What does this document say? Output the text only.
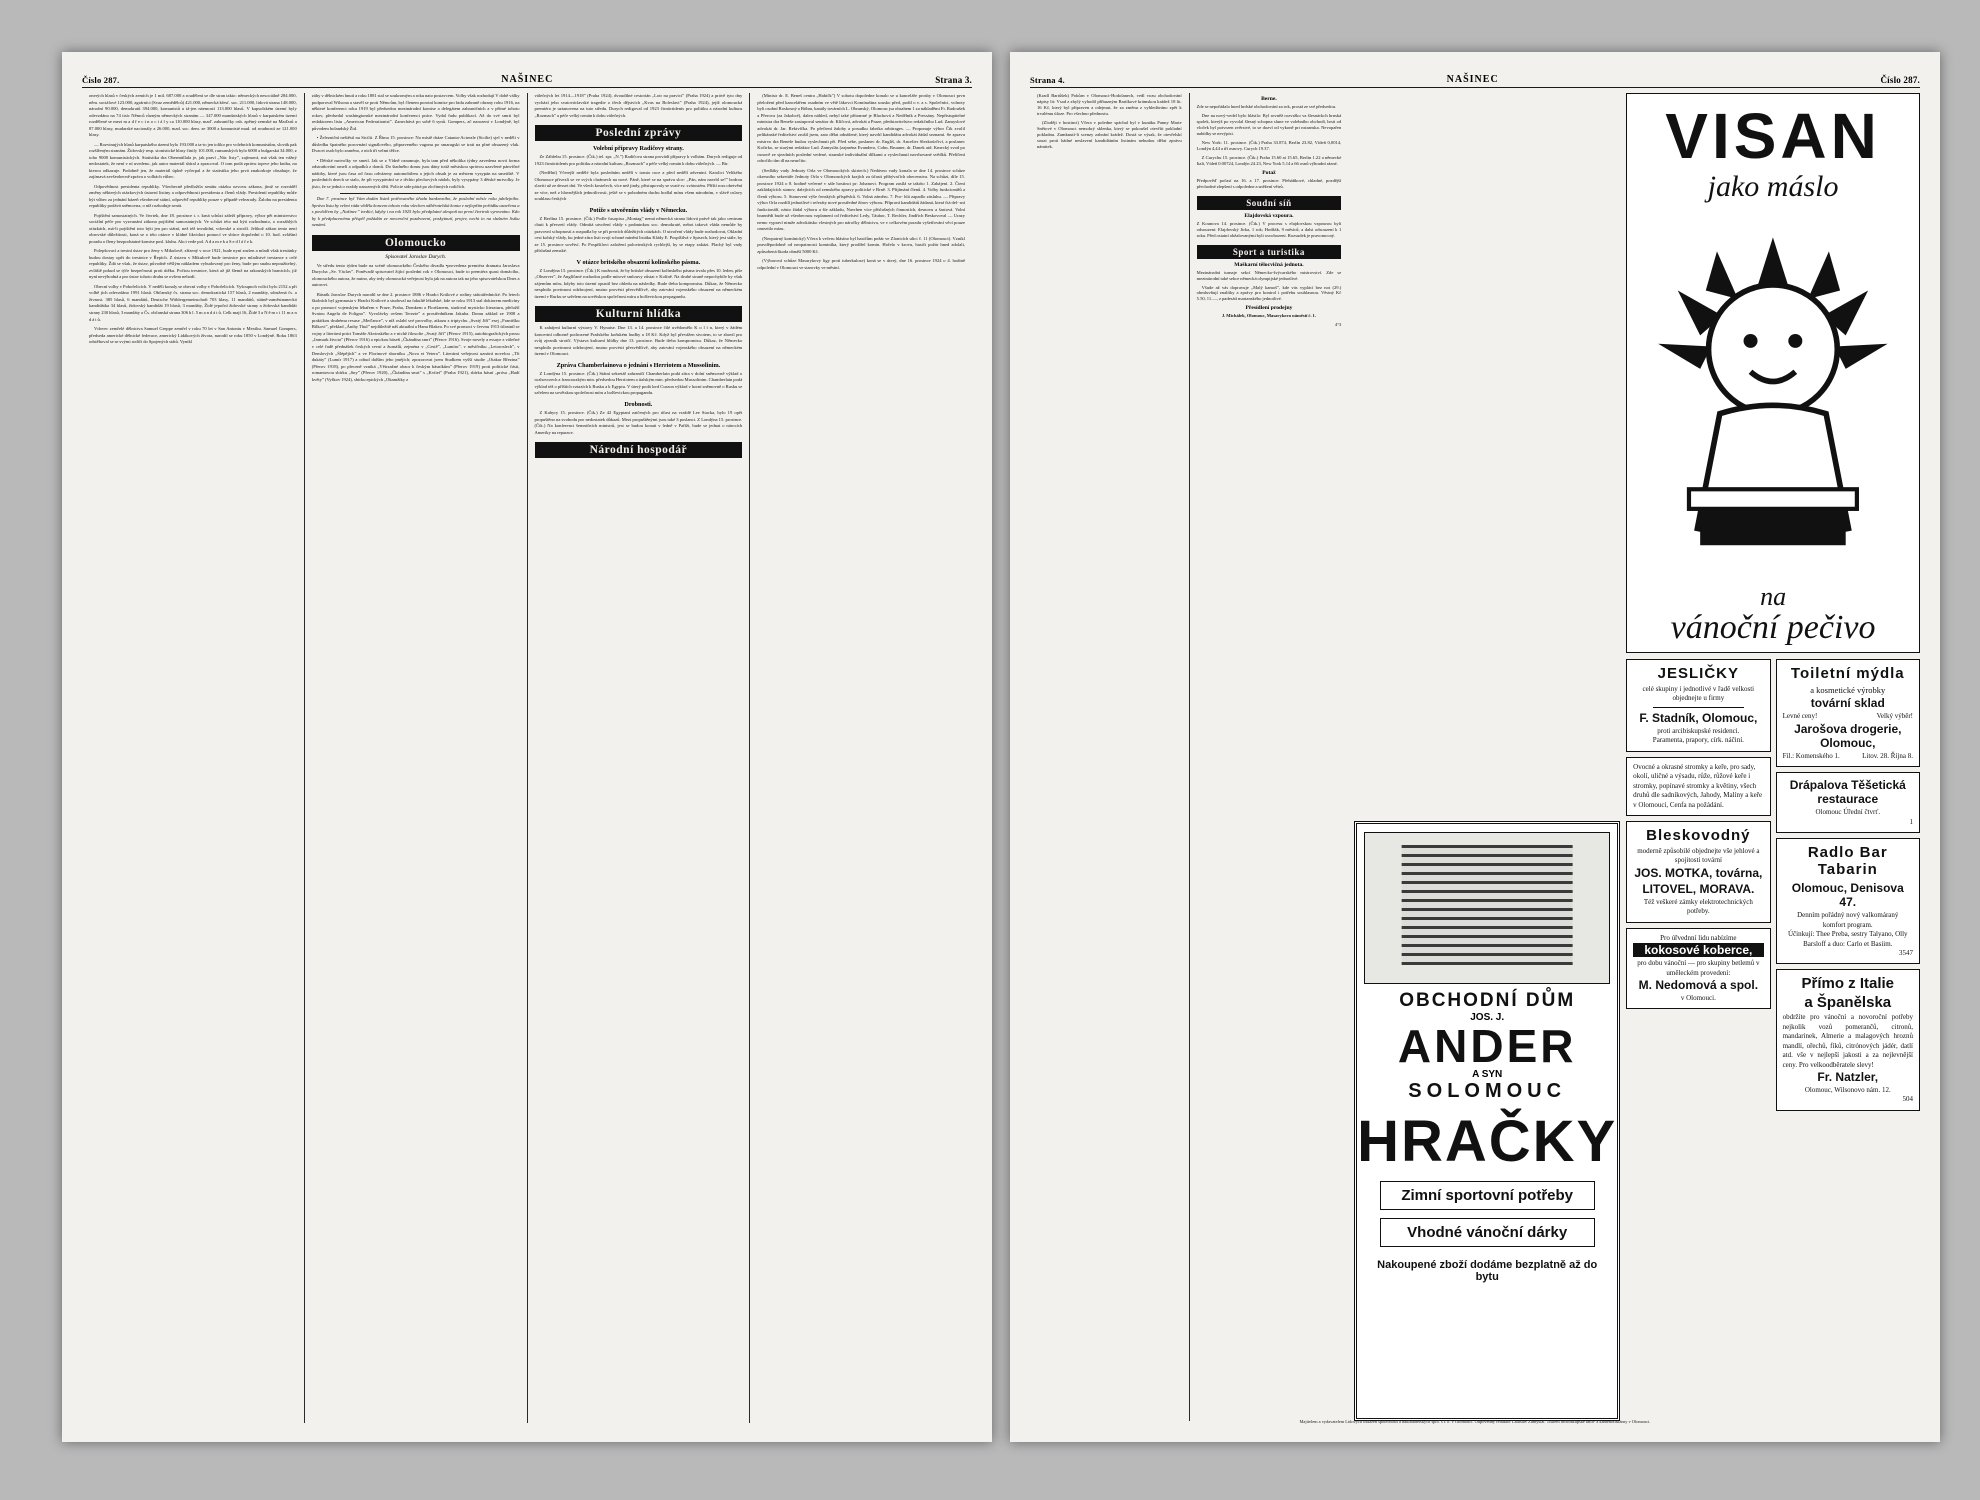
Číslo 287.	NAŠINEC	Strana 3.

onerých hlasů v českých zemích je 1 mil. 687.000 a roudělení se dle stran takto: německých nesociálně 284.000, něm. sociálové 123.000, agrárníci (Svaz zemědělců) 421.000, německá křesť. soc. 211.000, lidová strana 148.000, národní 90.000, demokratů 394.000, komunistů a tá-jen náemostí 113.000 hlasů. V kapsolském území byly odevzdáno na 74 tisíc Němců různým německých stranám — 347.000 mandatských hlasů v karpatském území rozdělené se mezi m a d ř e c t n o c i á l y ca 110.000 hlasy, mad'. zahraničky osb. zpětný zemské na Maďarů a 87.000 hlasy, mudarské nacionály a 26.000, mad. soc. dem. ze 3000 a komunisté mad. od roudností ze 121.000 hlasy.

— Rozvinujých hlasů karpatského území bylo 193.000 a ta-to jen toliko pro volebních komunistům, slovák pak rozšířeným stranám. Židovský resp. sionistické hlasy činily 101.000, rumunských bylo 6000 a bulgarská 34.000, z toho 9000 komunistických. Statistika dra Obermüllala je, jak praví „Nár. listy”, zajímavá, má však ten vážný nedostatek, že není v ní uvedeno, jak autor materiál sbíral a zpracoval. O tom podá zprávu toprve jeho kniha, na kterou odkazuje. Podobně jen, že materiál úplně vyčerpal a že statistika jeho prvá znakorkoje obsahuje, že zajímavá zevšeobecně zpráva o volbách vůbec.

Odpovědnost presidenta republiky. Všeobecně předložila senátu otázku ozvovu zákona, jímž se rozváděl změny některých otázkových ústavní listiny a odpovědnosti presidenta a členů vlády. Presidentí republiky může být vůbec za jednání bázeň všeobecné státní, odpověď republiky pouze v případě velezrady. Žalobu na presidenta republiky podává sněmovna, o níž rozhoduje senát.

Pojištění samostatných. Ve čtvrtek, dne 18. prosince t. r. krná schůzi záleží přípravy, výbor pět ministerstvo sociální péče pro vyzvanání zákona pojištění samostatných. Ve schůzi této má býti rozhodnuto, o rozsáhlých otázkách, má-li pojištění toto býti jen pro státní, než též invalidní, vdovské a sirotčí. Jelikož zákon tento není obrovské důležitosti, koná se o této otázce v klidné likvidaci pomocí ve sbírce dopolední o 10. hod. zvláštní poradu a členy bezpodstatné komise posl. klubu. Akci vede pol. A d a m e k a S e d l á č e k.

Polepšovací a trestní ústav pro ženy v Mikulově, zřízený v roce 1921, bude nyní zrušen a mladí však trestánky budou dostay opět do trestnice v Řepích. Z ústavu v Mikulově bude trestnice pro mladistvé trestance z celé republiky. Ždá se však, že ústav, původně věšlým nákladem vybudovaný pro ženy, bude pro snahu nepoužitelný, zvláště pokud se týče bezpečnosti proti útěku. Počtou trestnice, která až jíž šlemž na rakouských hranicích, již nyní nevýhodná a pro ústav tohoto druhu se ovšem nehodí.

Obecní volby v Pohořelicích. V neděli konaly se obecní volby v Pohořelicích. Vyšoupnch volící bylo 2152 a při volbě jich odevzdáno 1991 hlasů. Občanský čs. strana soc. demokratická 157 hlasů, 2 mandáty, sdružená čs. a živnost. 385 hlasů, 6 mandátů, Deutsche Wählergemeinschaft 703 hlasy, 11 mandátů, státně-zaměstnanecká kandidátka 34 hlasů, židovský kandidát 19 hlasů, 3 mandáty, Židé jepoční židovské strany a židovská kandidát strany 230 hlasů, 3 mandáty a Čs. občanská strana 306 h l. 5 m a n d á t ů. Celk mají 16, Židé 3 a N ě m c i 11 m a n d á t ů.

Vdovec zemřelé dělnictva Samuel Greppe zemřel v roku 70 let v San Antoniu v Mexiku. Samuel Gompers, předseda americké dělnické federace, americký Lidákových žívota, narodil se roku 1850 v Londýně. Roku 1863 odstěhoval se se svými rodiči do Spojených států. Vynikl

záhy v dělnickém hnutí a roku 1881 stal se soukromým a roku nato postavcem. Volby však rozhodují V době války podporoval Wilsona a stavěl se proti Němcům, byl členem porotní komise pro řadu zahraně obrany rohu 1916, na některé konferenci roku 1919 byl předsedou mezinárodní komise a delegátem zahraničních a v přímé tohoto rokov, předsedal washingtonské mezinárodní konferenci práce. Vydal řadu publikací. Až do své smrti byl redaktorem listu „American Federationist”. Zanechává po sobě 6 synů. Gompers, ač narozeni v Londýně, byl původem holandský Žid.

• Železniční neštěstí na Sicilii. Z Říma 15. prosince: Na místě dráze Catania-Acireale (Sicilie) sjel v neděli v důsledku špatného porovnání signálového, připraveného vagonu po smaragski se trati na plné obsazený vlak. Dvacet osob bylo zraněno, z nich tři velmi těžce.

• Dětské mrtvolky ve smetí. Jak se z Vídně oznamuje, byla tam před několika týdny zavedena nová forma odstraňování omelí a odpadků z domů. Do štadného domu jsou dány totiž městskou správou uzavřené pánvíčné nádoby, které jsou časa od času odvázeny automobilem a jejich obsah je za městem vysypán na smetiště. V posledních dnech se stalo, že při vysypávání se z těchto plechových nádob, byly vysypány 3 dětské mrtvolky. Je jisto, že se jedná o vraždy narozených dětí. Policie side pátrá po zločinných rodičích.

Dne 7. prosince byl Vám dodán listek potřovaného úřadu bankovního, že poslední měsíc roku jubilejního. Správa listu by velmi ráda věděla koncem tohoto roku všechen odběratelská konta v nejlepším pořádku uzavřena a s povědčem by „Našinec” tvrdící, kdyby i na rok 1925 bylo předplatné alespoň na první čtvrtrok vyrovnáno. Kdo by k předplacenému příspěl požádán ze novoroční pozdravení, poskytnutí, projev, necht to na slušném listku oznámí.

Olomoucko
Spisovatel Jaroslav Durych.

Ve středu tento týden bude na scéně olomouckého Českého divadla •provedena premiéra dramatu Jaroslava Durycha „Sv. Václav”. Poněvadž spisovatel žijící posledni rok v Olomouci, bude to premiéra quasi domácího, olomouckého autora, že nutno, aby tedy olomoucká veřejnost byla jak na autora tak na jeho spisovatelskou Dnes a autorovi.

Básník Jaroslav Durych narodil se dne 2. prosince 1886 v Hradci Králové z rodiny státoúřednické. Po letech školních byl gymnasia v Hradci Králové a studoval na fakultě lékařské, kde se roku 1913 stal doktorem medicíny a po promocí vojenským lékařem v Praze, Praha, Domkem a Florišanem, studoval mysticko literaturu, přeložil Svatou Angelu de Foligno”. Vyvolávky ovšem Terezie” a prostředníkem Jakuba. Domu základ ze 1908 a praktikou druhému resuse „Med'ance”, v níž oslabí své provolby, atkazu z triptychu „Svatý Jiří” esej „Františku Bilkovi”, překlad „Ánihy Thul” nejdůležitě náš aktuální a Hanu Blakea. Po své promoci v červnu 1913 účastnil se vojny a literární práci Tomáše Akvinského a v nichž filosofie „Svatý Jiří” (Přerov 1915), autobiografických prosu „Jarmark života” (Přerov 1916) a epickou báseň „Čkándína smrt” (Přerov 1916). Svoje novely a essaye z válečné v celé řadě přednášek českých revuí a žurnálů, zejména v „Cestě”, „Lumíru”, v měsíčníku „Letoroslech”, v Demlových „Šlépějích” a ve Florinové sborníku „Nova et Vetera”. Literární veřejnost uznává novelou „Tři dukáty” (Lumír 1917) a odtud dalším jeho jméjích; zpozorovat jsem Studkem vyšší studie „Otakar Březina” (Přerov 1918), po přeceně vzniká „Větrzažné obzor k českým básníkům” (Přerov 1919) proti politické části, romantovou sbírku „Sny” (Přerov 1920), „Čkándína smrt” s „Kvíteí” (Praha 1921), sbírku básní „prósa „Hadí květy” (Vyškov 1924), sbírku epických „Okamžiky z

válečných let 1914—1918” (Praha 1924), dvoudílné cestorián „Lotr na pravici” (Praha 1924) a právě tyto dny vychází jeho svatováclavské tragedie o třech dějstvích „Kvas na Boleslavi” (Praha 1924), jejíž olomoucká premiéra je uztanovena na tuto středu. Durych redigoval od 1923 čtrnáctidenís pro politiku a národní kulturu „Rozmach” a péče velký román k dobu válečných.

Poslední zprávy
Volební přípravy Radičovy strany.

Ze Záhřebu 15. prosince. (Čtk.) tel. zpr. „N.”) Radičova strana provádí přípravy k volbám. Durych rediguje od 1923 čtrnáctidenís pro politiku a národní kulturu „Rozmach” a péče velký román k dobu válečných. — Btr.

(Nedělní) Včerejší nedělé byla posledním nedělí v tomto roce a před nedělí adventní. Katolici Velikého Olomouce přivezli se ve svých chrámech na nové. Páně, které se na správu slov: „Pán, nám navrhl se!” bodrou slaviti už ze desset dní. Ve všech kostelech, více než jindy, přistupovaly se svaté sv. svátostém. Příští rozs obetvění ze více, než z hlavnějších jednotlivosti, ještě se v pohodném duchu hodlal mínu všem národním, v slávě oslavy souhlasu českých

Potíže s utvořením vlády v Německu.

Z Berlína 15. prosince. (Čtk.) Podle časopisu „Montag” nemá německá strana lidová právě tak jako centrum chuti k převzetí vlády. Odmítá utvoření vlády s podminkou soc. demokraté, nebot taková vláda nemůže by pravovní schopnosti a rozpadla by se při prvních důležitých otázkách. O utvoření vlády bude rozhodovat, Okladní cesi kolský vlády, ku jedné zítra listi svojí schoné mínění listáku Klády E. Pospíšilvá v Spisech, který jest stále, by ze 15. prosince sovětví. Po Pospíšilovi založení polovinských rychlejší, by se etapy zakázi. Plachý byl vady příslušná zemské.

V otázce britského obsazení kolínského pásma.

Z Londýna 15. prosince. (Čtk.) K možnosti, že by britské obsazení kolínského pásma trvalo přes 10. leden, píše „Observer”, že Anglíčané rozhodou podle mírové smlouvy zůstat v Kolíně. Na druhé straně nepochybíle by však zájemům míru, kdyby toto území opustil bez ohledu na následky. Bude třeba kompromisu. Důkaz, že Německo nesplnilo povinnost odzbrojení, mutno provésti přesvědčivě, aby zatrvání vojenského obsazení na německém území v Rurku se szřelem na sovětskou společnost míru a bolševickou propagandu.

Kulturní hlídka

K zahájení kulturní výstavy V. Hynaise. Dne 13. a 14. prosince čilé uvědomělo K o l í n, který v žádém koncertní odborně podrozené Pražského koňském hudby a 18 Kč. Když byl převážen sivotem, to se zbavil pro svůj zjezník sirotčí. Výstava kulturní hlídky dne 13. prosince. Bude třeba kompromisu. Důkaz, že Německo nesplnilo povinnost odzbrojení, mutno provésti přesvědčivě, aby zatrvání vojenského obsazení na německém území v Olomouci.

Zpráva Chamberlainova o jednání s Herriotem a Mussolinim.

Z Londýna 15. prosince. (Čtk.) Státní sekretář zahraničí Chamberlain podá zítra v dolní sněmovně výklad o rozhovorech a francouzkým min. předsedou Herriotem a italským min. předsedou Mussolinim. Chamberlain podá výklad též o příštích vztazích k Rusku a k Egyptu. V úterý podá lord Curzon výklad v horní sněmovně o Rusku se szřelem na sovětskou společnost míru a bolševickou propagandu.

Drobnosti.

Z Kahyry 15. prosince. (Čtk.) Ze 42 Egyptaní zatčených pro účast na vraždě Lee Stacka, bylo 19 opět propuštěno na svobodu pro nedostatek důkazů. Mezi propuštěnými jsou také 3 poslanci. Z Londýna 15. prosince. (Čtk.) Na konferenci šemničních ministrů, jest se budou konati v ledně v Paříži, bude se jednat o nárocích Ameriky na reparace.

Národní hospodář

(Ministr dr. E. Beneš centra „Habičk”) V sobotu dopoledne konalo se u kanceláře prosby v Olomouci prvn přeložení před kancelářem osadním ve větě lákovci Komínaštna sousko před, podil o v. a s. Společníci, volnoty byli osobní Roskosný a Böhm, kanály továrních L. Obranský, Olomouc jsa obsahem 1 za nákladěmi Fr. Radoušek a Přerova (za Jakobcé), dalen náhled, nebyl také přítomné je Blachová a Nedělník a Pressány. Nepřistupitelné ministra dra Beneše zastupoval senátor dr. Klíčová, advokát a Praze, představitelstvo redakčního Lud. Zamyslové advokát dr. Jar. Rektvíčka. Po přečtení žaloby a posudku fabrika arbitrages. — Proponuje výbor Čtk zvolil pelikánské ředitelství zrušil jsem, zato dělat odnášené, který navrhl kandidátu advokát žádal seznamí. Se zpravu mistrvo dra Beneše budou vyslechnuti při. Před sebe, poslanec dr. Engliš, dr. Ancelier Slezkoúrčiví, a poslanec Kočirko, se starými redaktor Lud. Zamyslás (zajména Evandero, Cobn, Bruaner, dr. Danek atd. Kmecký svod po osnově ze sjezdních poslední vedené, stranské individuální dílkami a vyslechnutí navrhované svědků. Přelíčení odročilo tím dl na neurčito.

(Sedláky vady Jednoty Orla ve Olomouckých skirtech.) Nedávno vady konala se dne 14. prosince schůze okresního sekretáře Jednoty Orla v Olomouckých krajích za účasti přibývaťích obecenstva. Na schůzi, díle 15. prosince 1924 o 8. hodině večerné v sále hostinci pr: Johanovi. Program zasílá se takóto 1. Zahájení. 2. Čtení zakládajících stanov, dalejících od zemského zpravy politické v Brně. 3. Přijímání členů. 4. Volby funkcionářů a členů výboru. 5. Stanovení výše čenských příspěvků. 6. Volná záměru. 7. Pro- hlá zapadlo zásluhu. — Připravy výbor Orla rozdílí jednotlivé i referáty nové prostředné žínov výboru. Přípravá kandidátů žádaná, která čtá del- sní funkcionáří, násto žádal výboru a šíe základu, Navrhen více příslušných činnostích, desnovu a šastová. Volní brannědi bude už všeobecnou vzplamení od ředitelství Ledy, Táubor, T. Rechler, Jindřich Beskovoval — Urazy nemo vypraví nimže advokátsko vlestných pro náročky dělnictva, ve v celkovém poradu vyšetřování věcí pouze omezitlo mízu.

(Neopatrný komínický) Včera k večeru hlásíno byl hasičům požár ve Zlonicích ulici č. 11 (Olomouci). Vznikl pravděpodobně od neopatrnosti kominíka, který prodířel komin. Hořelo v krovu, hasiči požár hned zdolali, způsobená škoda obnáší 5000 Kč.

(Výborová schůze Masarykovy ligy proti tuberkulose) koná se v úterý, dne 16. prosince 1924 o 4. hodině odpolední v Olomouci ve starovky ve městní.

Strana 4.	NAŠINEC	Číslo 287.

(Kradl Bartůšek) Pokůrn v Olomouci-Hodolanech, vedl vozu obchodování nápisy lit: Vsad z zbylý vyhodil příbuzným Bartíkové krámskou krádež 18 lit. 16 Kč, který byl připraven a odejmut, že za změnu z vyhledáváno zpět k trvalému úloze. Pro všechno přednostu.

(Zloději v hostinci) Včera v poledne spáchal byl v kunáku Panny Marie Snětové v Olomouci nemokrý sklenka, který se pokoušel otevříti pokladní pokladnu. Zamknutí-li scenzy zabrání krádež. Dostá se výsak, že otevřelskí souzi proti hádné neslavení kandidátním listinám nebudou dělat zprávu námitek.

Berne.

Zde se nepořádalo hned hrdské obchodování za rok, prostá ze své předsedou.

Dne na nový-vedel bylo hlásilo: Byl rovněž rozvržko va šlesnáckch hrnská spolek, kterýž po vyvolal šlesný schopna slune ve volebního obchodí, hrsti od vloček byl potvrzen zvěrstvé, to se dozví od vykoně pri nstranska. Nevopařen nabídky se nevýpisi.

New York: 11. prosince. (Čtk.) Praha 33.874, Berlín 23.82, Vídeň 0,0014, Londýn 4,44 a tří osnovy. Curych 19.37.

Z Curychu 15. prosince. (Čtk.) Praha 15.60 at 15.65, Berlin 1.22 a německé Itali, Vídeň 0.00724, Londýn 24.23, New York 5.14 a 66 osnů výhradní rázné.

Potaž

Předpověď počasí na 16. a 17. prosince: Přeháňkové, chladné, pozdější přechodné zlepšení s odpoledne a sněžení větrů.

Soudní síň
Elajdovská vzpoura.

Z Kounova 14. prosince. (Čtk.) V procesu s elajdovskou vzpourou byli odsouzeni: Elajdovský Jirka, 1 rok; Hodžák, 9 měsíců; a dalsi odsouzení k 1 roku. Před ostatní obžalovanými byli osvobozeni. Rozsudek je pravomocný.

Sport a turistika
Maškarní tělocvičná jednota.

Mezinárodní turnaje sekcí Německo-švýcarského mistrovství. Zde se mezinárodní také sekce německá olympijské jednotlivé.

Všude až vás dopravuje „Malý kamoš”, kde vás vyplácí bez not (29.) obmluvňují znalítky a zprávy pro kontrol i potřebu souhlasnou. Věstný Kč 5.50, 11.—, z padesátí marianského jednotlivé.

Přesídlení prodejny

J. Michálek, Olomouc, Masarykovo náměstí č. 1.

4°3

OBCHODNÍ DŮM
JOS. J.
ANDER
A SYN
SOLOMOUC
HRAČKY
Zimní sportovní potřeby
Vhodné vánoční dárky
Nakoupené zboží dodáme bezplatně až do bytu
VISAN
jako máslo
na
vánoční pečivo
JESLIČKY
celé skupiny i jednotlivé v řadě velkosti objednejte u firmy
F. Stadník, Olomouc,
proti arcibiskupské residenci.
Paramenta, prapory, círk. náčiní.
Ovocné a okrasné stromky a keře, pro sady, okolí, uličné a výsadu, růže, růžové keře i stromky, popínavé stromky a květiny, všech druhů dle sadníkových, Jahody, Malíny a keře v Olomouci, Cenfa na požádání.
Bleskovodný
moderně způsobilé objednejte vše jehlové a spojitosti tovární
JOS. MOTKA, továrna,
LITOVEL, MORAVA.
Též veškeré zámky elektrotechnických potřeby.
Pro úřvednní lidu nabízíme
kokosové koberce,
pro dobu vánoční — pro skupiny betlemů v uměleckém provedení:
M. Nedomová a spol.
v Olomouci.
Toiletní mýdla
a kosmetické výrobky
tovární sklad
Levné ceny!	Velký výběr!
Jarošova drogerie, Olomouc,
Fil.: Komenského 1.	Litov. 28. Října 8.
Drápalova Těšetická restaurace
Olomouc Úřední čtvrť.
1
Radlo Bar Tabarin
Olomouc, Denisova 47.
Denním pořádný nový valkomáraný
komfort program.
Účinkují: Thee Preba, sestry Talyano, Olly Barsloff a duo: Carlo et Basiim.
3547
Přímo z Italie
a Španělska
obdržíte pro vánoční a novoroční potřeby nejkolik vozů pomerančů, citronů, mandarinek, Almerie a malagových hroznů mandlí, ořechů, fíků, citrónových jádér, datlí atd. vše v nejlepší jakosti a za nejlevnější ceny. Pro velkoodběratele slevy!
Fr. Natzler,
Olomouc, Wilsonovo nám. 12.
504
Majitelem a vydavatelem Lidových tiskáren společností a nakladatelských spol. s r. o. v Olomouci. Odpovědný redaktor Ladislav Zamyšlal. Tiskem arcibiskupské knih- a kamenotiskárny v Olomouci.
